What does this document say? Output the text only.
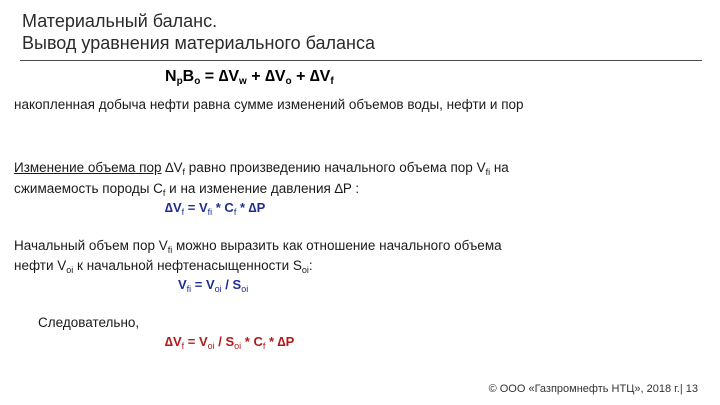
Материальный баланс.
Вывод уравнения материального баланса
NpBo = ∆Vw + ∆Vo + ∆Vf
накопленная добыча нефти равна сумме изменений объемов воды, нефти и пор
Изменение объема пор $\Delta V_f$ равно произведению начального объема пор $V_{fi}$ на
сжимаемость породы $C_f$ и на изменение давления ∆P :
$\Delta V_f = V_{fi} * C_f * \Delta P$
Начальный объем пор $V_{fi}$ можно выразить как отношение начального объема
нефти $V_{oi}$ к начальной нефтенасыщенности $S_{oi}$:
$V_{fi} = V_{oi} / S_{oi}$
Следовательно,
$\Delta V_f = V_{oi} / S_{oi} * C_f * \Delta P$
© ООО «Газпромнефть НТЦ», 2018 г.| 13
